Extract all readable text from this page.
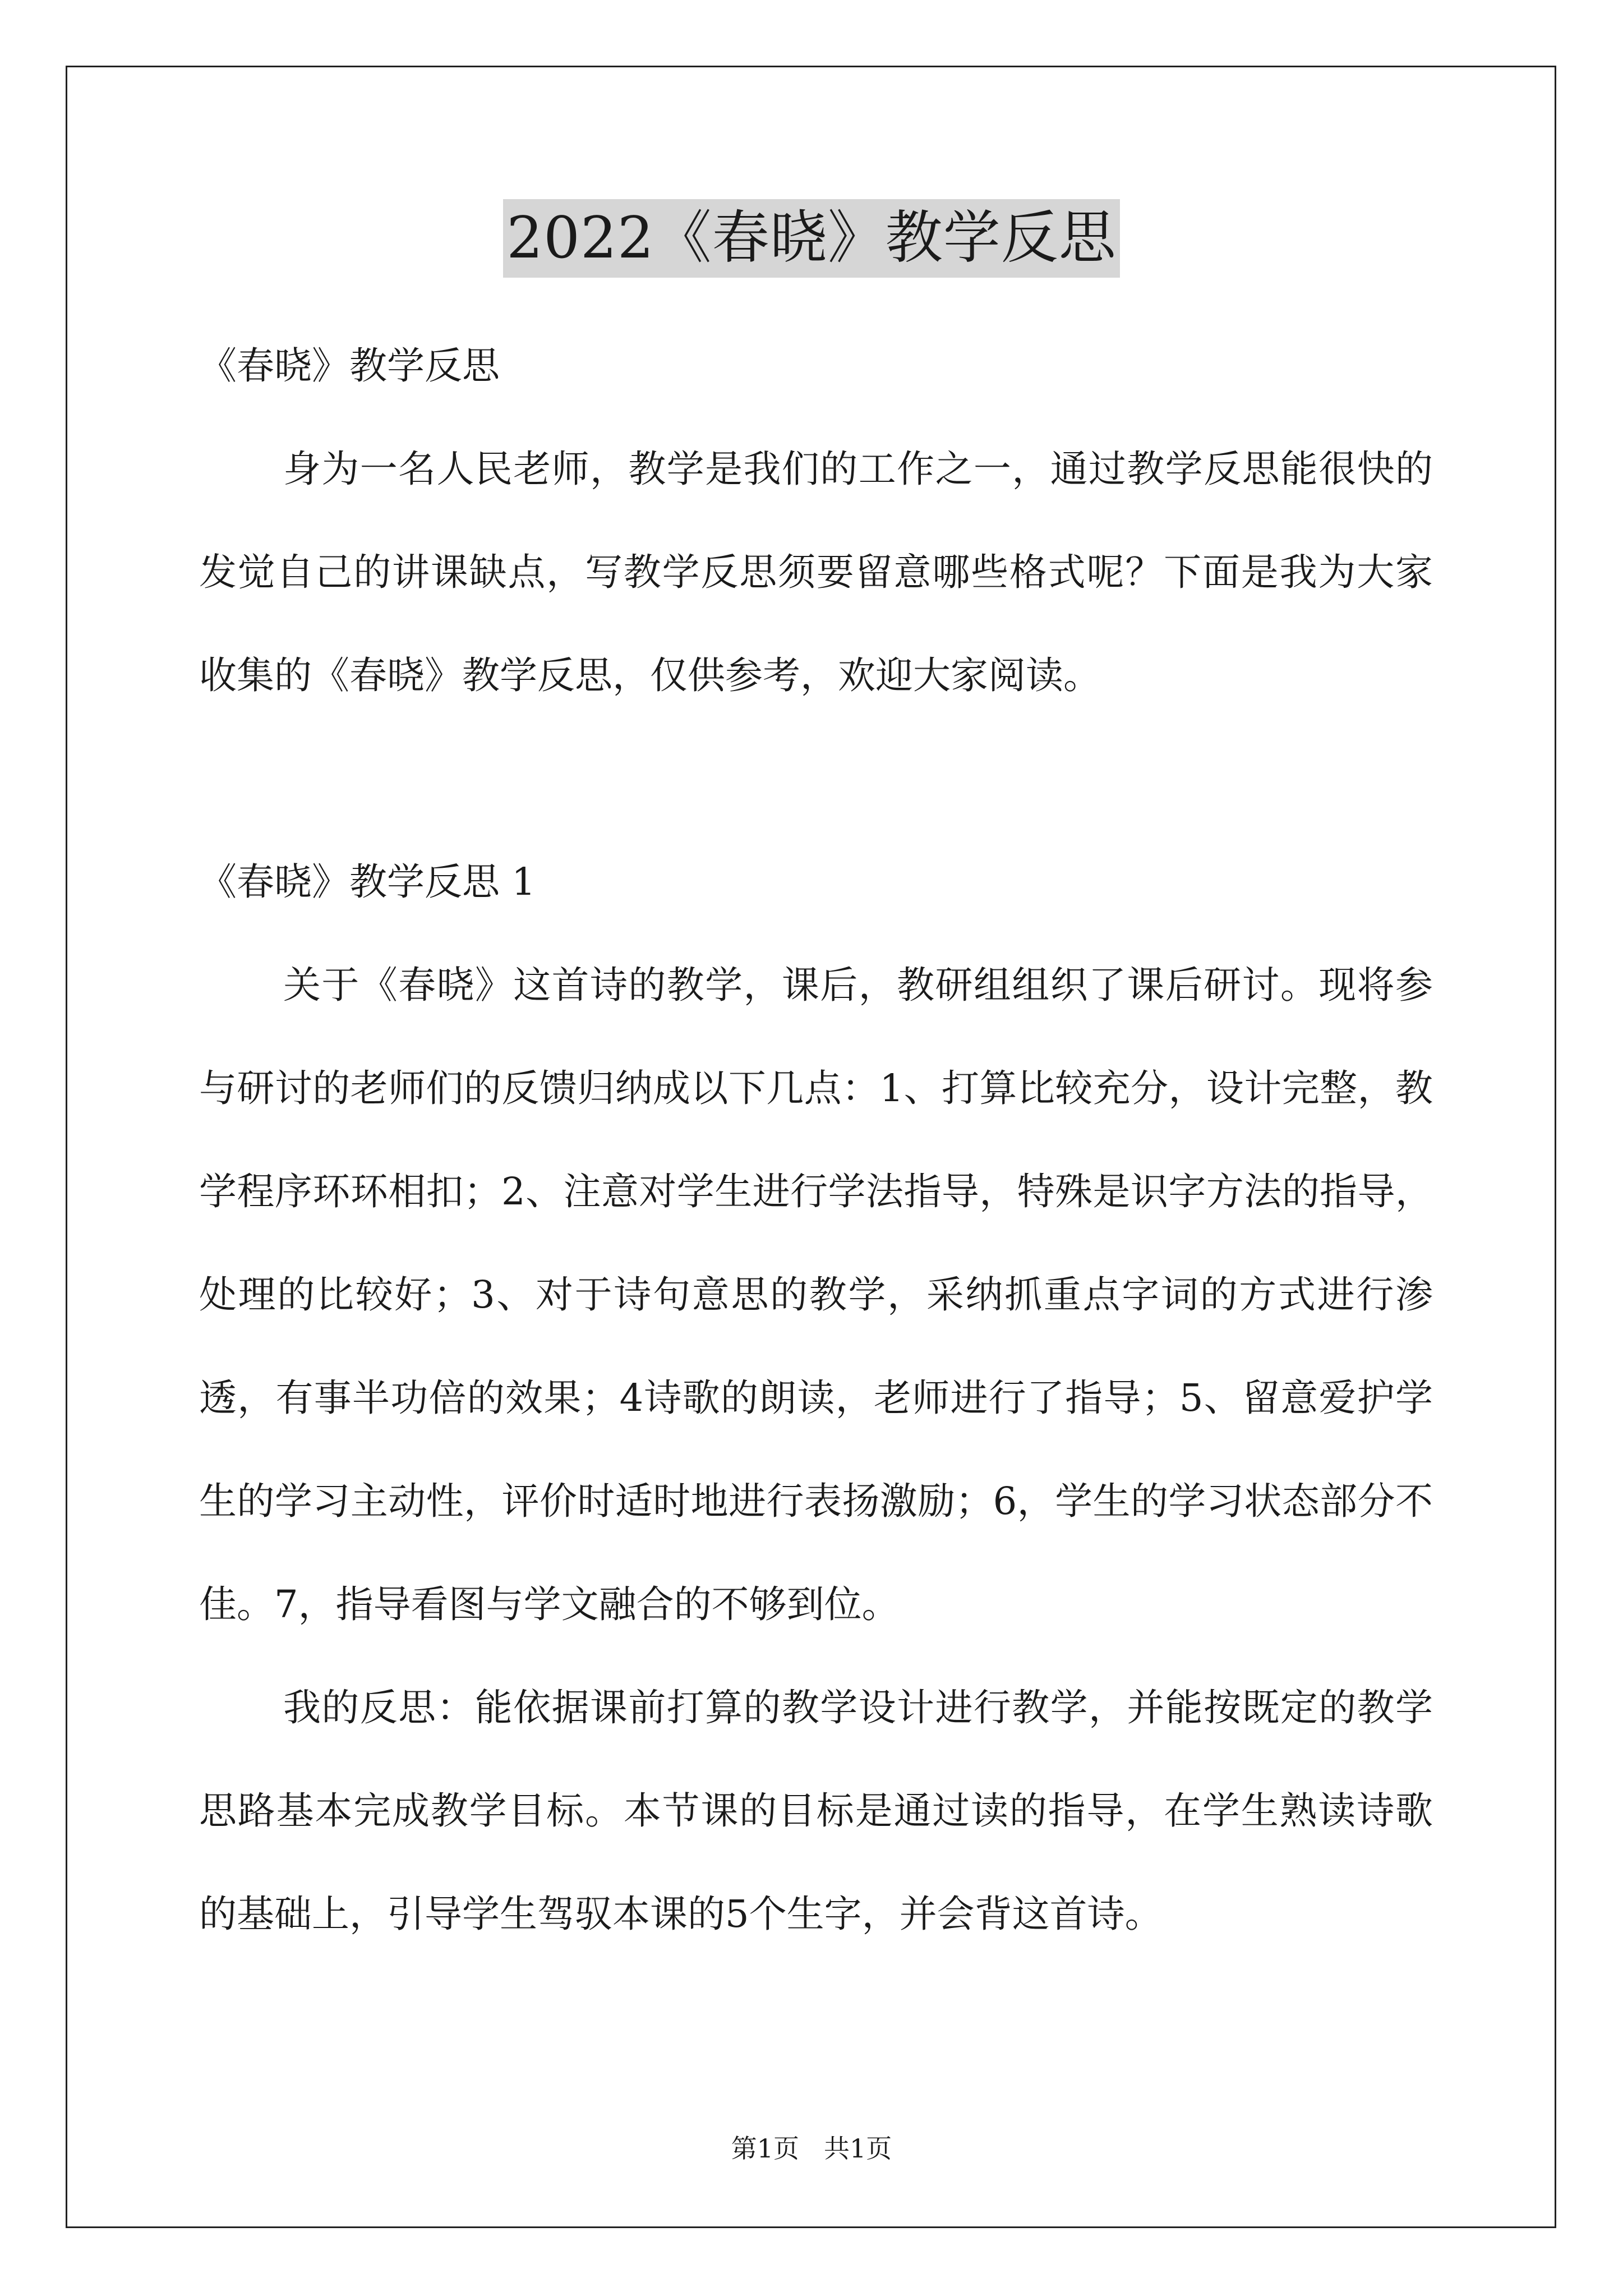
2022《春晓》教学反思

《春晓》教学反思

身为一名人民老师，教学是我们的工作之一，通过教学反思能很快的发觉自己的讲课缺点，写教学反思须要留意哪些格式呢？下面是我为大家收集的《春晓》教学反思，仅供参考，欢迎大家阅读。

《春晓》教学反思 1

关于《春晓》这首诗的教学，课后，教研组组织了课后研讨。现将参与研讨的老师们的反馈归纳成以下几点：1、打算比较充分，设计完整，教学程序环环相扣；2、注意对学生进行学法指导，特殊是识字方法的指导，处理的比较好；3、对于诗句意思的教学，采纳抓重点字词的方式进行渗透，有事半功倍的效果；4诗歌的朗读，老师进行了指导；5、留意爱护学生的学习主动性，评价时适时地进行表扬激励；6，学生的学习状态部分不佳。7，指导看图与学文融合的不够到位。

我的反思：能依据课前打算的教学设计进行教学，并能按既定的教学思路基本完成教学目标。本节课的目标是通过读的指导，在学生熟读诗歌的基础上，引导学生驾驭本课的5个生字，并会背这首诗。

第1页 共1页
